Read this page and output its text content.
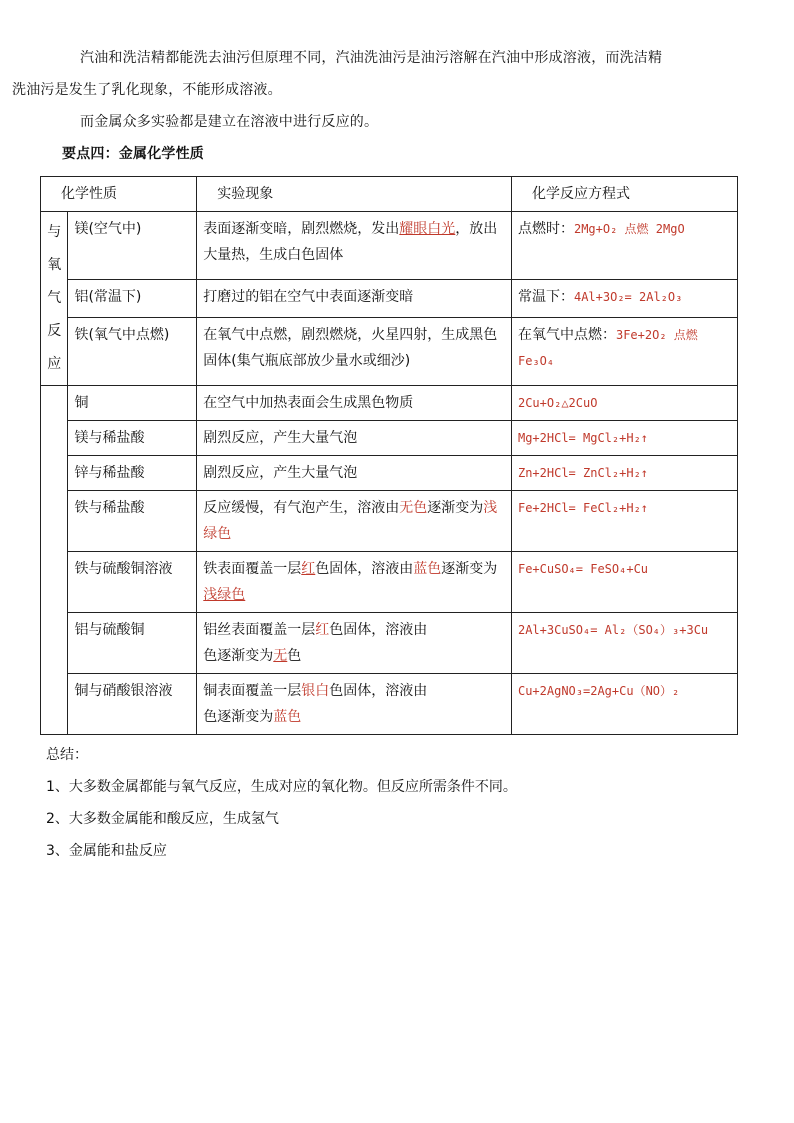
汽油和洗洁精都能洗去油污但原理不同，汽油洗油污是油污溶解在汽油中形成溶液，而洗洁精
洗油污是发生了乳化现象，不能形成溶液。
而金属众多实验都是建立在溶液中进行反应的。
要点四：金属化学性质
化学性质		实验现象	化学反应方程式

与
氧
气
反
应	镁(空气中)	表面逐渐变暗，剧烈燃烧，发出耀眼白光，放出大量热，生成白色固体	点燃时：2Mg+O₂ 点燃 2MgO
	铝(常温下)	打磨过的铝在空气中表面逐渐变暗	常温下：4Al+3O₂= 2Al₂O₃
	铁(氧气中点燃)	在氧气中点燃，剧烈燃烧，火星四射，生成黑色固体(集气瓶底部放少量水或细沙)	在氧气中点燃：3Fe+2O₂ 点燃 Fe₃O₄
	铜	在空气中加热表面会生成黑色物质	2Cu+O₂△2CuO
	镁与稀盐酸	剧烈反应，产生大量气泡	Mg+2HCl= MgCl₂+H₂↑
	锌与稀盐酸	剧烈反应，产生大量气泡	Zn+2HCl= ZnCl₂+H₂↑
	铁与稀盐酸	反应缓慢，有气泡产生，溶液由无色逐渐变为浅绿色	Fe+2HCl= FeCl₂+H₂↑
	铁与硫酸铜溶液	铁表面覆盖一层红色固体，溶液由蓝色逐渐变为浅绿色	Fe+CuSO₄= FeSO₄+Cu
	铝与硫酸铜	铝丝表面覆盖一层红色固体，溶液由
色逐渐变为无色	2Al+3CuSO₄= Al₂（SO₄）₃+3Cu
	铜与硝酸银溶液	铜表面覆盖一层银白色固体，溶液由
色逐渐变为蓝色	Cu+2AgNO₃=2Ag+Cu（NO）₂
总结：
1、大多数金属都能与氧气反应，生成对应的氧化物。但反应所需条件不同。
2、大多数金属能和酸反应，生成氢气
3、金属能和盐反应
